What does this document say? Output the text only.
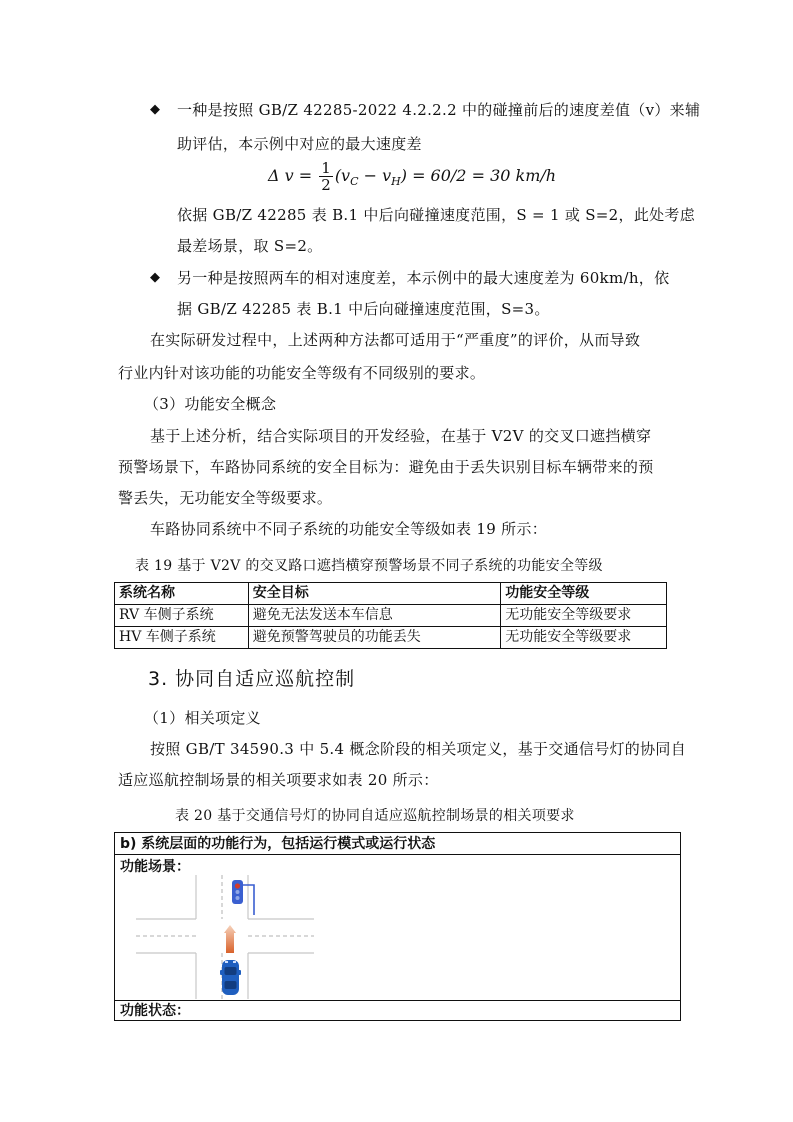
◆ 一种是按照 GB/Z 42285-2022 4.2.2.2 中的碰撞前后的速度差值（v）来辅
助评估，本示例中对应的最大速度差
Δ $v = \frac{1}{2} (v_C - v_H) = 60/2 = 30$ km/h
依据 GB/Z 42285 表 B.1 中后向碰撞速度范围，S = 1 或 S=2，此处考虑
最差场景，取 S=2。
◆ 另一种是按照两车的相对速度差，本示例中的最大速度差为 60km/h，依
据 GB/Z 42285 表 B.1 中后向碰撞速度范围，S=3。
在实际研发过程中，上述两种方法都可适用于“严重度”的评价，从而导致
行业内针对该功能的功能安全等级有不同级别的要求。
（3）功能安全概念
基于上述分析，结合实际项目的开发经验，在基于 V2V 的交叉口遮挡横穿
预警场景下，车路协同系统的安全目标为：避免由于丢失识别目标车辆带来的预
警丢失，无功能安全等级要求。
车路协同系统中不同子系统的功能安全等级如表 19 所示：
表 19 基于 V2V 的交叉路口遮挡横穿预警场景不同子系统的功能安全等级
系统名称	安全目标	功能安全等级
RV 车侧子系统	避免无法发送本车信息	无功能安全等级要求
HV 车侧子系统	避免预警驾驶员的功能丢失	无功能安全等级要求
3. 协同自适应巡航控制
（1）相关项定义
按照 GB/T 34590.3 中 5.4 概念阶段的相关项定义，基于交通信号灯的协同自
适应巡航控制场景的相关项要求如表 20 所示：
表 20 基于交通信号灯的协同自适应巡航控制场景的相关项要求
b) 系统层面的功能行为，包括运行模式或运行状态
功能场景：
功能状态：
